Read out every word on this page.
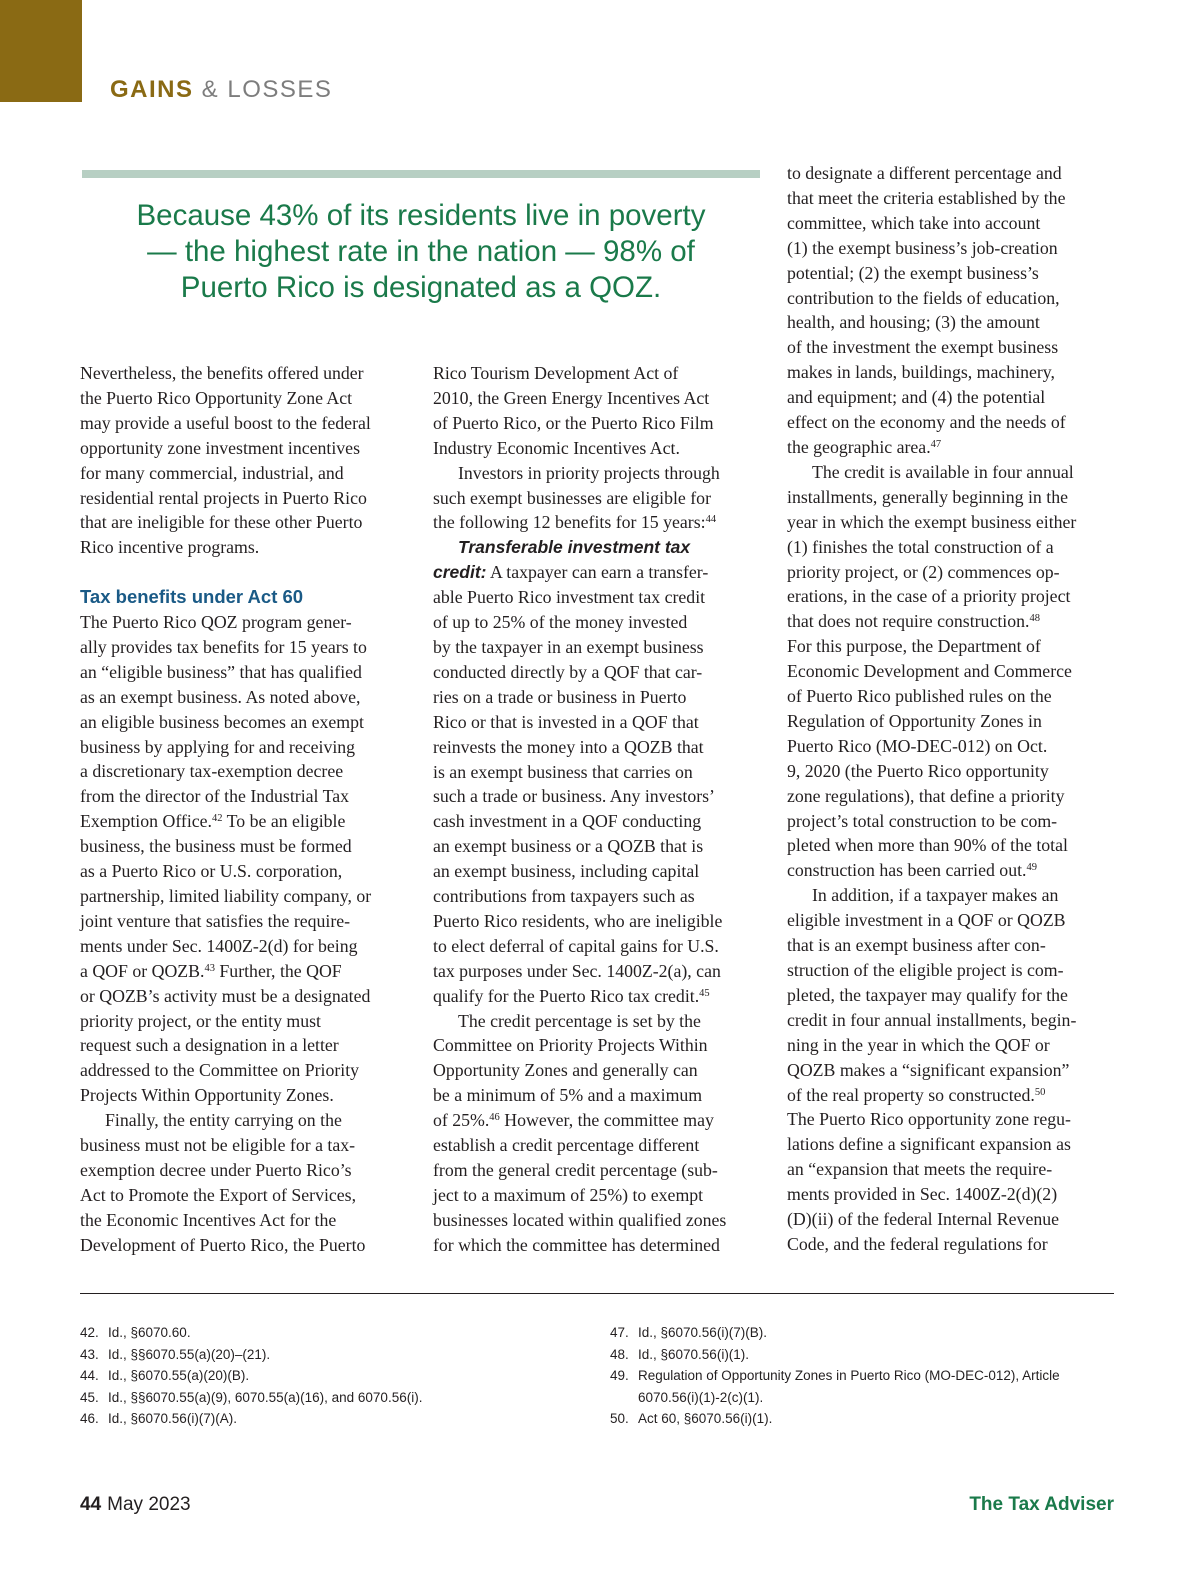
GAINS & LOSSES
Because 43% of its residents live in poverty
— the highest rate in the nation — 98% of
Puerto Rico is designated as a QOZ.
Nevertheless, the benefits offered under
the Puerto Rico Opportunity Zone Act
may provide a useful boost to the federal
opportunity zone investment incentives
for many commercial, industrial, and
residential rental projects in Puerto Rico
that are ineligible for these other Puerto
Rico incentive programs.
Tax benefits under Act 60
The Puerto Rico QOZ program gener-
ally provides tax benefits for 15 years to
an “eligible business” that has qualified
as an exempt business. As noted above,
an eligible business becomes an exempt
business by applying for and receiving
a discretionary tax-exemption decree
from the director of the Industrial Tax
Exemption Office.$^{42}$ To be an eligible
business, the business must be formed
as a Puerto Rico or U.S. corporation,
partnership, limited liability company, or
joint venture that satisfies the require-
ments under Sec. 1400Z-2(d) for being
a QOF or QOZB.$^{43}$ Further, the QOF
or QOZB’s activity must be a designated
priority project, or the entity must
request such a designation in a letter
addressed to the Committee on Priority
Projects Within Opportunity Zones.
Finally, the entity carrying on the
business must not be eligible for a tax-
exemption decree under Puerto Rico’s
Act to Promote the Export of Services,
the Economic Incentives Act for the
Development of Puerto Rico, the Puerto
Rico Tourism Development Act of
2010, the Green Energy Incentives Act
of Puerto Rico, or the Puerto Rico Film
Industry Economic Incentives Act.
Investors in priority projects through
such exempt businesses are eligible for
the following 12 benefits for 15 years:$^{44}$
Transferable investment tax
credit: A taxpayer can earn a transfer-
able Puerto Rico investment tax credit
of up to 25% of the money invested
by the taxpayer in an exempt business
conducted directly by a QOF that car-
ries on a trade or business in Puerto
Rico or that is invested in a QOF that
reinvests the money into a QOZB that
is an exempt business that carries on
such a trade or business. Any investors’
cash investment in a QOF conducting
an exempt business or a QOZB that is
an exempt business, including capital
contributions from taxpayers such as
Puerto Rico residents, who are ineligible
to elect deferral of capital gains for U.S.
tax purposes under Sec. 1400Z-2(a), can
qualify for the Puerto Rico tax credit.$^{45}$
The credit percentage is set by the
Committee on Priority Projects Within
Opportunity Zones and generally can
be a minimum of 5% and a maximum
of 25%.$^{46}$ However, the committee may
establish a credit percentage different
from the general credit percentage (sub-
ject to a maximum of 25%) to exempt
businesses located within qualified zones
for which the committee has determined
to designate a different percentage and
that meet the criteria established by the
committee, which take into account
(1) the exempt business’s job-creation
potential; (2) the exempt business’s
contribution to the fields of education,
health, and housing; (3) the amount
of the investment the exempt business
makes in lands, buildings, machinery,
and equipment; and (4) the potential
effect on the economy and the needs of
the geographic area.$^{47}$
The credit is available in four annual
installments, generally beginning in the
year in which the exempt business either
(1) finishes the total construction of a
priority project, or (2) commences op-
erations, in the case of a priority project
that does not require construction.$^{48}$
For this purpose, the Department of
Economic Development and Commerce
of Puerto Rico published rules on the
Regulation of Opportunity Zones in
Puerto Rico (MO-DEC-012) on Oct.
9, 2020 (the Puerto Rico opportunity
zone regulations), that define a priority
project’s total construction to be com-
pleted when more than 90% of the total
construction has been carried out.$^{49}$
In addition, if a taxpayer makes an
eligible investment in a QOF or QOZB
that is an exempt business after con-
struction of the eligible project is com-
pleted, the taxpayer may qualify for the
credit in four annual installments, begin-
ning in the year in which the QOF or
QOZB makes a “significant expansion”
of the real property so constructed.$^{50}$
The Puerto Rico opportunity zone regu-
lations define a significant expansion as
an “expansion that meets the require-
ments provided in Sec. 1400Z-2(d)(2)
(D)(ii) of the federal Internal Revenue
Code, and the federal regulations for
42. Id., §6070.60.
43. Id., §§6070.55(a)(20)–(21).
44. Id., §6070.55(a)(20)(B).
45. Id., §§6070.55(a)(9), 6070.55(a)(16), and 6070.56(i).
46. Id., §6070.56(i)(7)(A).
47. Id., §6070.56(i)(7)(B).
48. Id., §6070.56(i)(1).
49. Regulation of Opportunity Zones in Puerto Rico (MO-DEC-012), Article
6070.56(i)(1)-2(c)(1).
50. Act 60, §6070.56(i)(1).
44 May 2023	The Tax Adviser
